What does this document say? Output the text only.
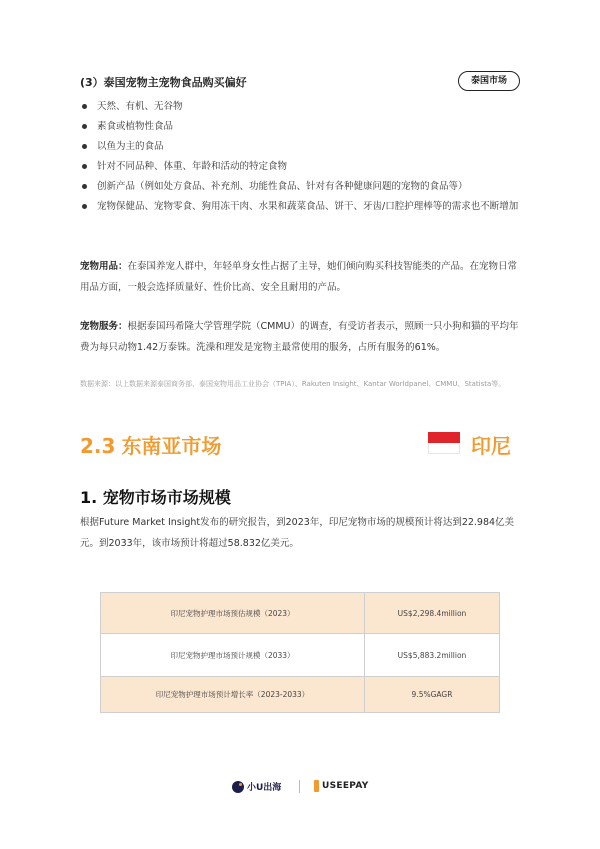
(3）泰国宠物主宠物食品购买偏好	泰国市场
天然、有机、无谷物
素食或植物性食品
以鱼为主的食品
针对不同品种、体重、年龄和活动的特定食物
创新产品（例如处方食品、补充剂、功能性食品、针对有各种健康问题的宠物的食品等）
宠物保健品、宠物零食、狗用冻干肉、水果和蔬菜食品、饼干、牙齿/口腔护理棒等的需求也不断增加
宠物用品：在泰国养宠人群中，年轻单身女性占据了主导，她们倾向购买科技智能类的产品。在宠物日常用品方面，一般会选择质量好、性价比高、安全且耐用的产品。
宠物服务：根据泰国玛希隆大学管理学院（CMMU）的调查，有受访者表示，照顾一只小狗和猫的平均年费为每只动物1.42万泰铢。洗澡和理发是宠物主最常使用的服务，占所有服务的61%。
数据来源：以上数据来源泰国商务部、泰国宠物用品工业协会（TPIA）、Rakuten Insight、Kantar Worldpanel、CMMU、Statista等。
2.3 东南亚市场	印尼
1. 宠物市场市场规模
根据Future Market Insight发布的研究报告，到2023年，印尼宠物市场的规模预计将达到22.984亿美元。到2033年，该市场预计将超过58.832亿美元。
印尼宠物护理市场预估规模（2023）	US$2,298.4million
印尼宠物护理市场预计规模（2033）	US$5,883.2million
印尼宠物护理市场预计增长率（2023-2033）	9.5%GAGR
小U出海	USEEPAY
